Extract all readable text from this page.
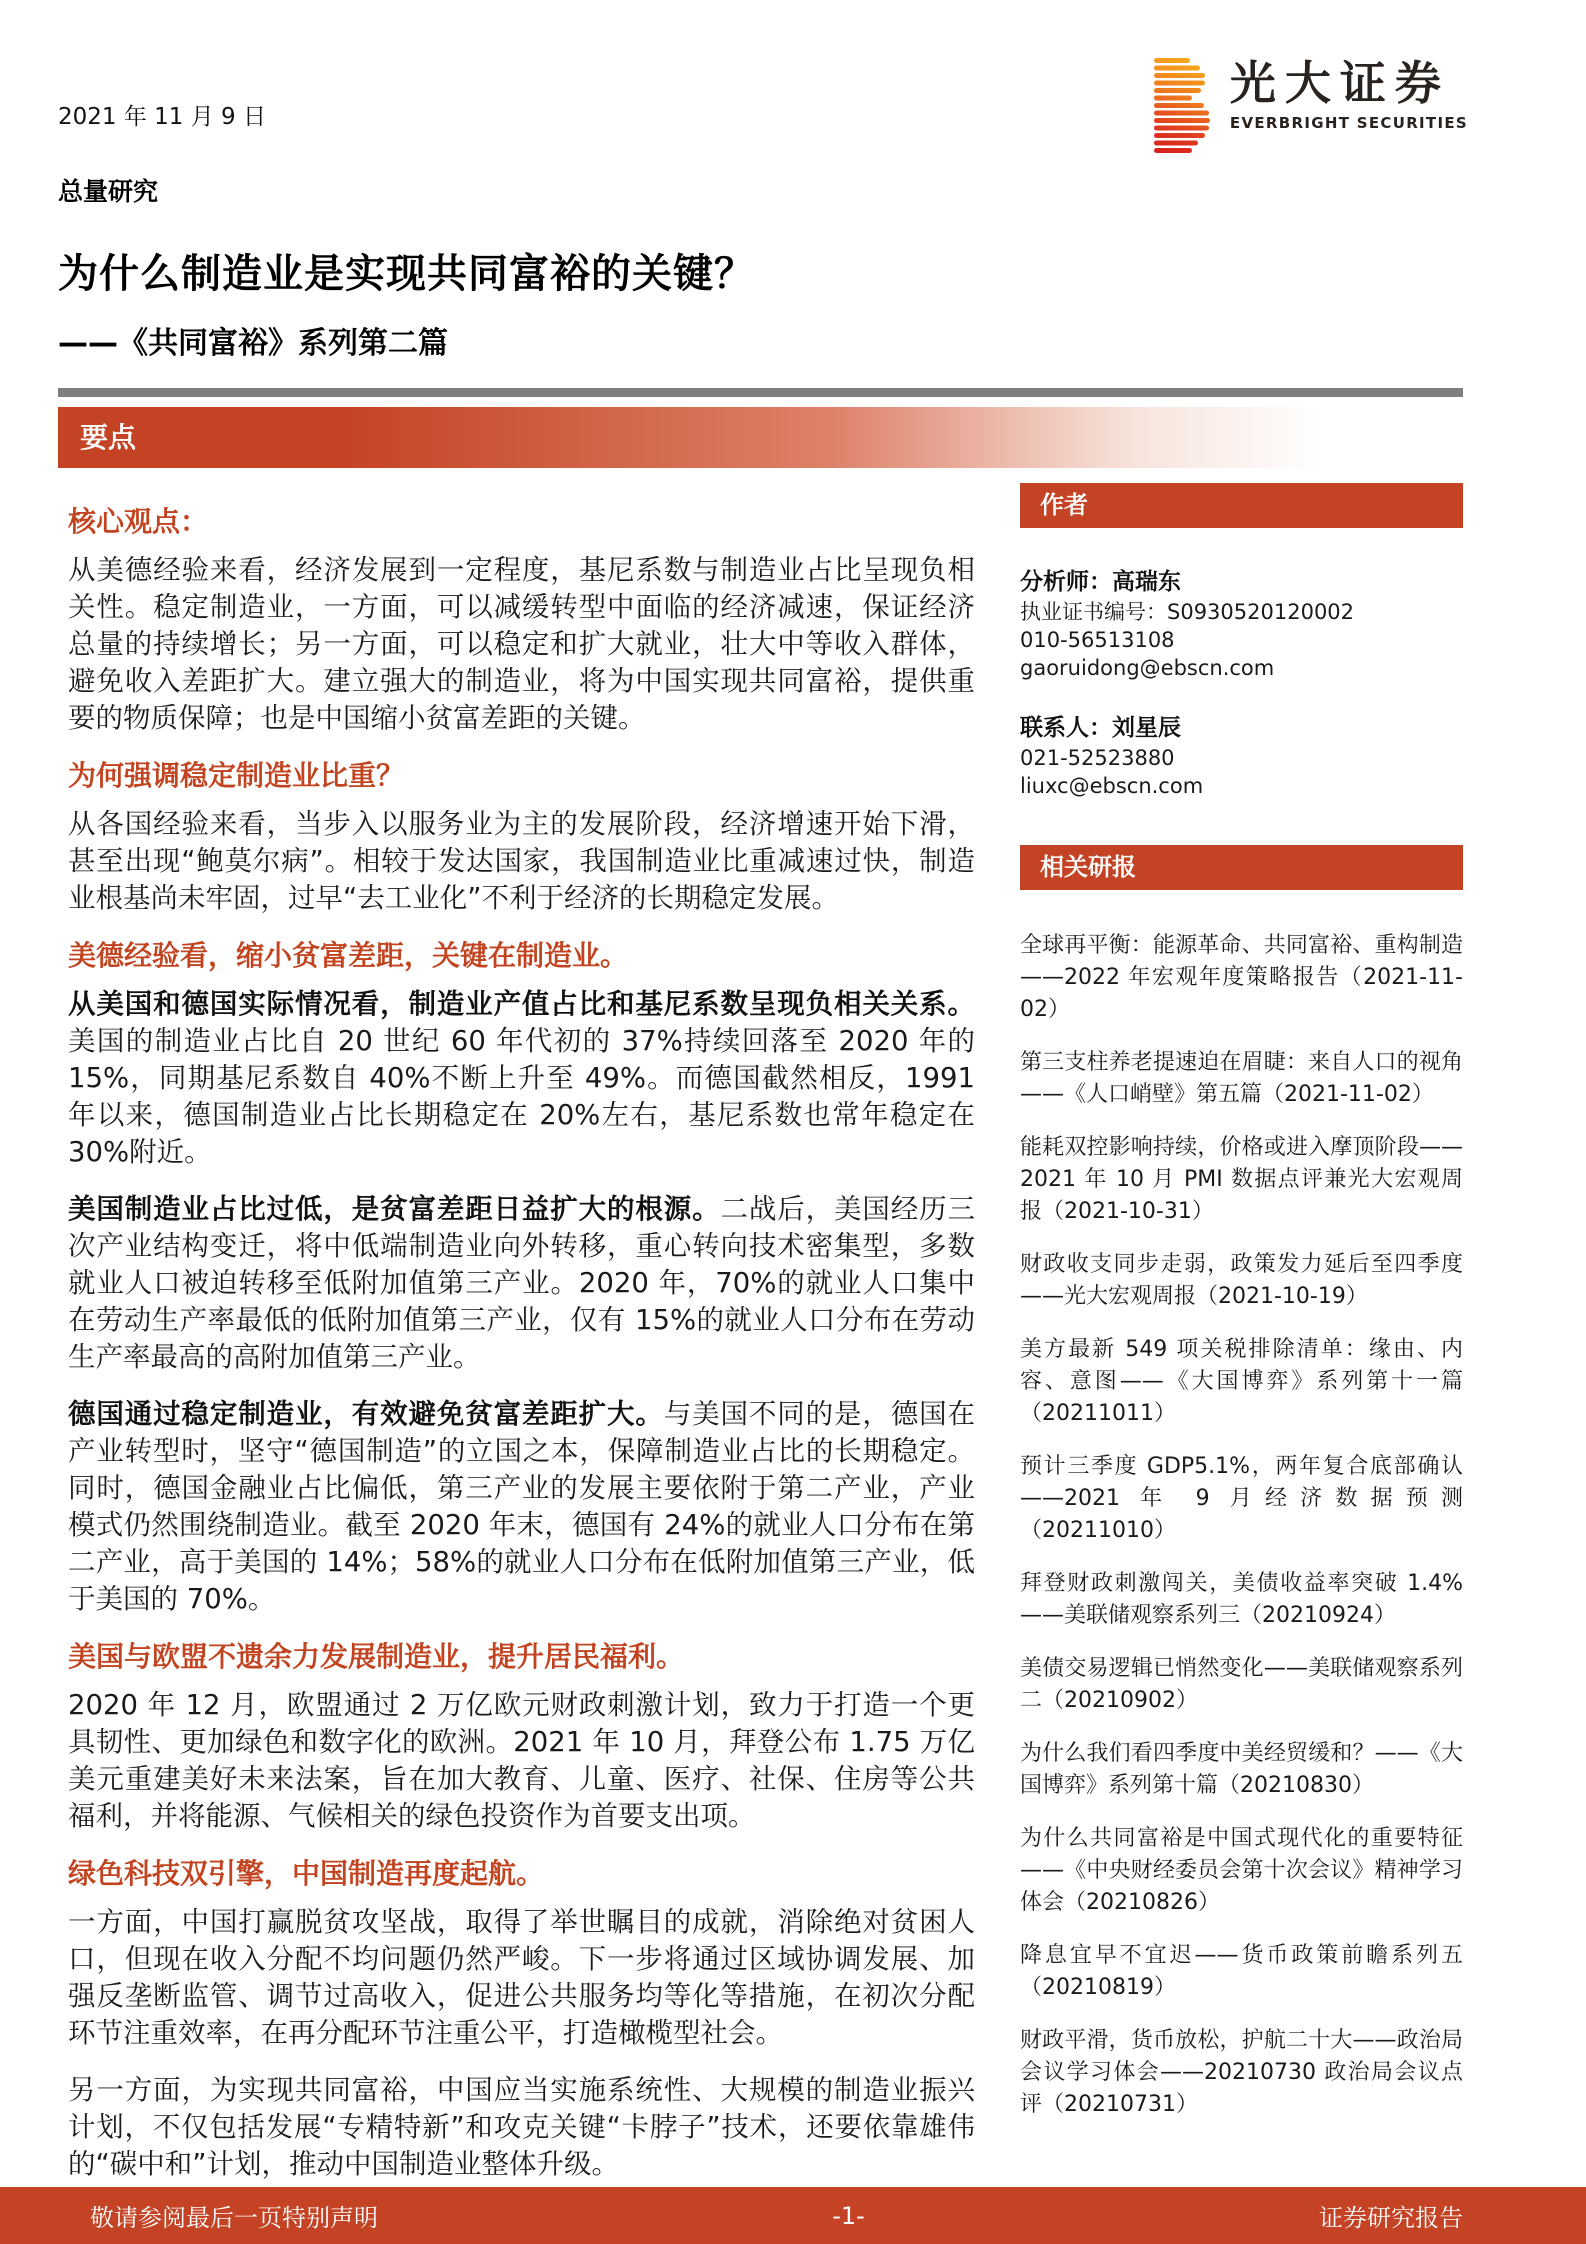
2021 年 11 月 9 日
光大证券
EVERBRIGHT SECURITIES
总量研究
为什么制造业是实现共同富裕的关键？
——《共同富裕》系列第二篇
要点
核心观点：
从美德经验来看，经济发展到一定程度，基尼系数与制造业占比呈现负相关性。稳定制造业，一方面，可以减缓转型中面临的经济减速，保证经济总量的持续增长；另一方面，可以稳定和扩大就业，壮大中等收入群体，避免收入差距扩大。建立强大的制造业，将为中国实现共同富裕，提供重要的物质保障；也是中国缩小贫富差距的关键。
为何强调稳定制造业比重？
从各国经验来看，当步入以服务业为主的发展阶段，经济增速开始下滑，甚至出现“鲍莫尔病”。相较于发达国家，我国制造业比重减速过快，制造业根基尚未牢固，过早“去工业化”不利于经济的长期稳定发展。
美德经验看，缩小贫富差距，关键在制造业。
从美国和德国实际情况看，制造业产值占比和基尼系数呈现负相关关系。美国的制造业占比自 20 世纪 60 年代初的 37%持续回落至 2020 年的 15%，同期基尼系数自 40%不断上升至 49%。而德国截然相反，1991 年以来，德国制造业占比长期稳定在 20%左右，基尼系数也常年稳定在 30%附近。
美国制造业占比过低，是贫富差距日益扩大的根源。二战后，美国经历三次产业结构变迁，将中低端制造业向外转移，重心转向技术密集型，多数就业人口被迫转移至低附加值第三产业。2020 年，70%的就业人口集中在劳动生产率最低的低附加值第三产业，仅有 15%的就业人口分布在劳动生产率最高的高附加值第三产业。
德国通过稳定制造业，有效避免贫富差距扩大。与美国不同的是，德国在产业转型时，坚守“德国制造”的立国之本，保障制造业占比的长期稳定。同时，德国金融业占比偏低，第三产业的发展主要依附于第二产业，产业模式仍然围绕制造业。截至 2020 年末，德国有 24%的就业人口分布在第二产业，高于美国的 14%；58%的就业人口分布在低附加值第三产业，低于美国的 70%。
美国与欧盟不遗余力发展制造业，提升居民福利。
2020 年 12 月，欧盟通过 2 万亿欧元财政刺激计划，致力于打造一个更具韧性、更加绿色和数字化的欧洲。2021 年 10 月，拜登公布 1.75 万亿美元重建美好未来法案，旨在加大教育、儿童、医疗、社保、住房等公共福利，并将能源、气候相关的绿色投资作为首要支出项。
绿色科技双引擎，中国制造再度起航。
一方面，中国打赢脱贫攻坚战，取得了举世瞩目的成就，消除绝对贫困人口，但现在收入分配不均问题仍然严峻。下一步将通过区域协调发展、加强反垄断监管、调节过高收入，促进公共服务均等化等措施，在初次分配环节注重效率，在再分配环节注重公平，打造橄榄型社会。
另一方面，为实现共同富裕，中国应当实施系统性、大规模的制造业振兴计划，不仅包括发展“专精特新”和攻克关键“卡脖子”技术，还要依靠雄伟的“碳中和”计划，推动中国制造业整体升级。
作者
分析师：高瑞东
执业证书编号：S0930520120002
010-56513108
gaoruidong@ebscn.com
联系人：刘星辰
021-52523880
liuxc@ebscn.com
相关研报
全球再平衡：能源革命、共同富裕、重构制造——2022 年宏观年度策略报告（2021-11-02）
第三支柱养老提速迫在眉睫：来自人口的视角——《人口峭壁》第五篇（2021-11-02）
能耗双控影响持续，价格或进入摩顶阶段——2021 年 10 月 PMI 数据点评兼光大宏观周报（2021-10-31）
财政收支同步走弱，政策发力延后至四季度——光大宏观周报（2021-10-19）
美方最新 549 项关税排除清单：缘由、内容、意图——《大国博弈》系列第十一篇（20211011）
预计三季度 GDP5.1%，两年复合底部确认——2021 年 9 月经济数据预测（20211010）
拜登财政刺激闯关，美债收益率突破 1.4%——美联储观察系列三（20210924）
美债交易逻辑已悄然变化——美联储观察系列二（20210902）
为什么我们看四季度中美经贸缓和？——《大国博弈》系列第十篇（20210830）
为什么共同富裕是中国式现代化的重要特征——《中央财经委员会第十次会议》精神学习体会（20210826）
降息宜早不宜迟——货币政策前瞻系列五（20210819）
财政平滑，货币放松，护航二十大——政治局会议学习体会——20210730 政治局会议点评（20210731）
敬请参阅最后一页特别声明	-1-	证券研究报告
